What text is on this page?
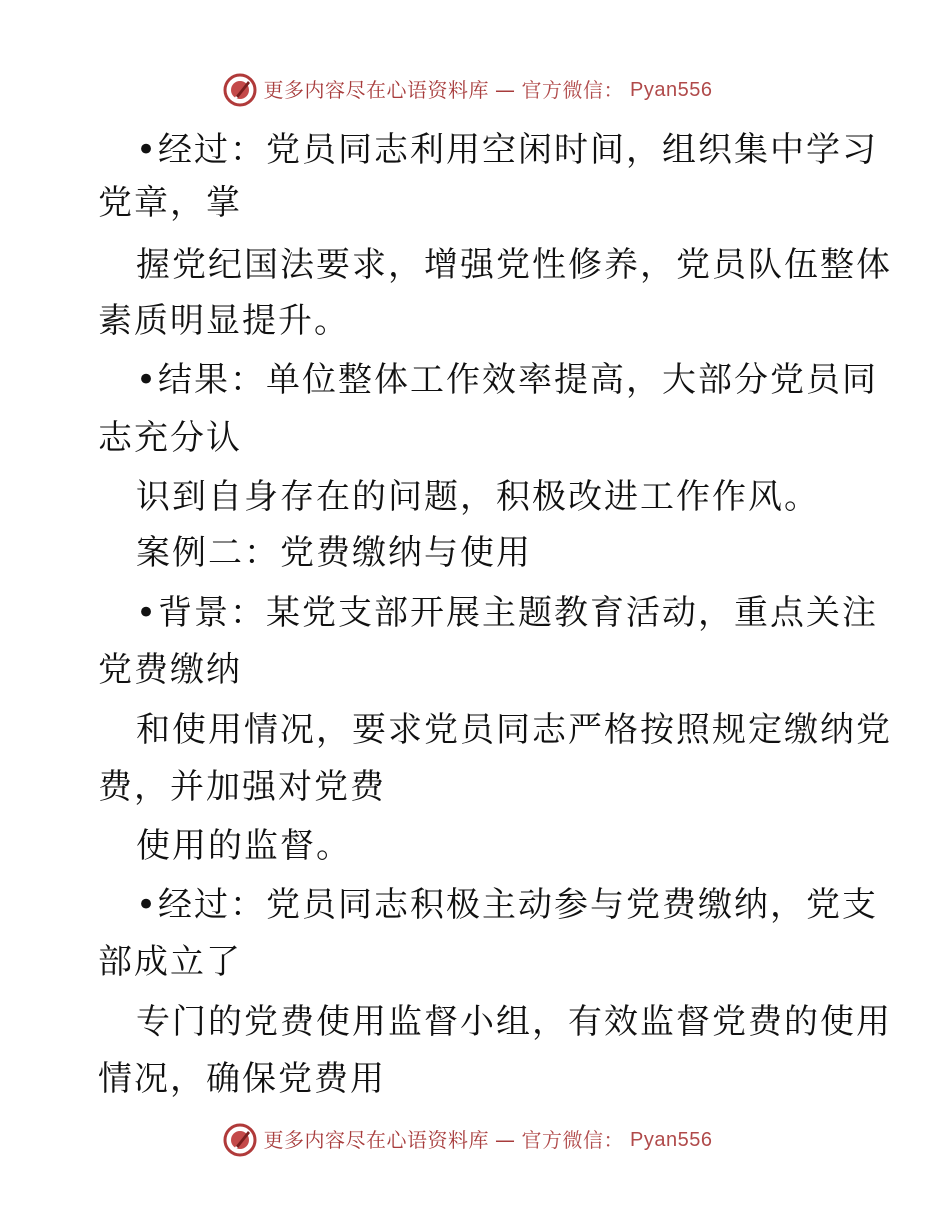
更多内容尽在心语资料库 — 官方微信： Pyan556
•经过：党员同志利用空闲时间，组织集中学习
党章，掌
握党纪国法要求，增强党性修养，党员队伍整体
素质明显提升。
•结果：单位整体工作效率提高，大部分党员同
志充分认
识到自身存在的问题，积极改进工作作风。
案例二：党费缴纳与使用
•背景：某党支部开展主题教育活动，重点关注
党费缴纳
和使用情况，要求党员同志严格按照规定缴纳党
费，并加强对党费
使用的监督。
•经过：党员同志积极主动参与党费缴纳，党支
部成立了
专门的党费使用监督小组，有效监督党费的使用
情况，确保党费用
更多内容尽在心语资料库 — 官方微信： Pyan556
